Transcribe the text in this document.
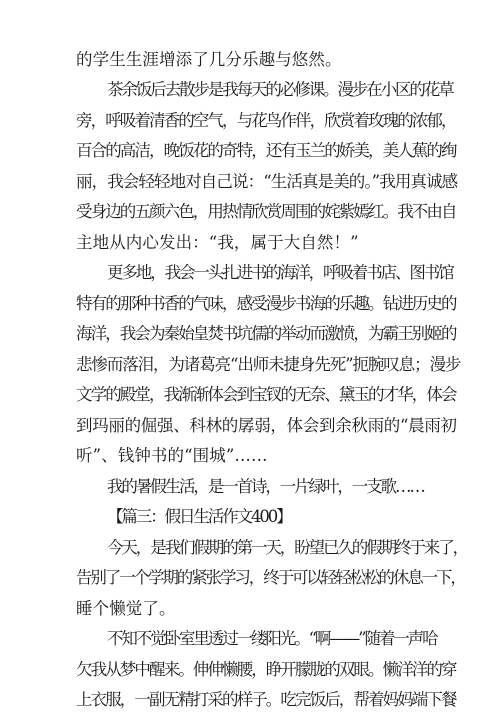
的学生生涯增添了几分乐趣与悠然。
茶余饭后去散步是我每天的必修课。漫步在小区的花草
旁，呼吸着清香的空气，与花鸟作伴，欣赏着玫瑰的浓郁，
百合的高洁，晚饭花的奇特，还有玉兰的娇美，美人蕉的绚
丽，我会轻轻地对自己说：“生活真是美的。”我用真诚感
受身边的五颜六色，用热情欣赏周围的姹紫嫣红。我不由自
主地从内心发出：“我，属于大自然！”
更多地，我会一头扎进书的海洋，呼吸着书店、图书馆
特有的那种书香的气味，感受漫步书海的乐趣。钻进历史的
海洋，我会为秦始皇焚书坑儒的举动而激愤，为霸王别姬的
悲惨而落泪，为诸葛亮“出师未捷身先死”扼腕叹息；漫步
文学的殿堂，我渐渐体会到宝钗的无奈、黛玉的才华，体会
到玛丽的倔强、科林的孱弱，体会到余秋雨的“晨雨初
听”、钱钟书的“围城”……
我的暑假生活，是一首诗，一片绿叶，一支歌……
【篇三：假日生活作文400】
今天，是我们假期的第一天，盼望已久的假期终于来了，
告别了一个学期的紧张学习，终于可以轻轻松松的休息一下，
睡个懒觉了。
不知不觉卧室里透过一缕阳光。“啊——”随着一声哈
欠我从梦中醒来。伸伸懒腰，睁开朦胧的双眼。懒洋洋的穿
上衣服，一副无精打采的样子。吃完饭后，帮着妈妈端下餐
